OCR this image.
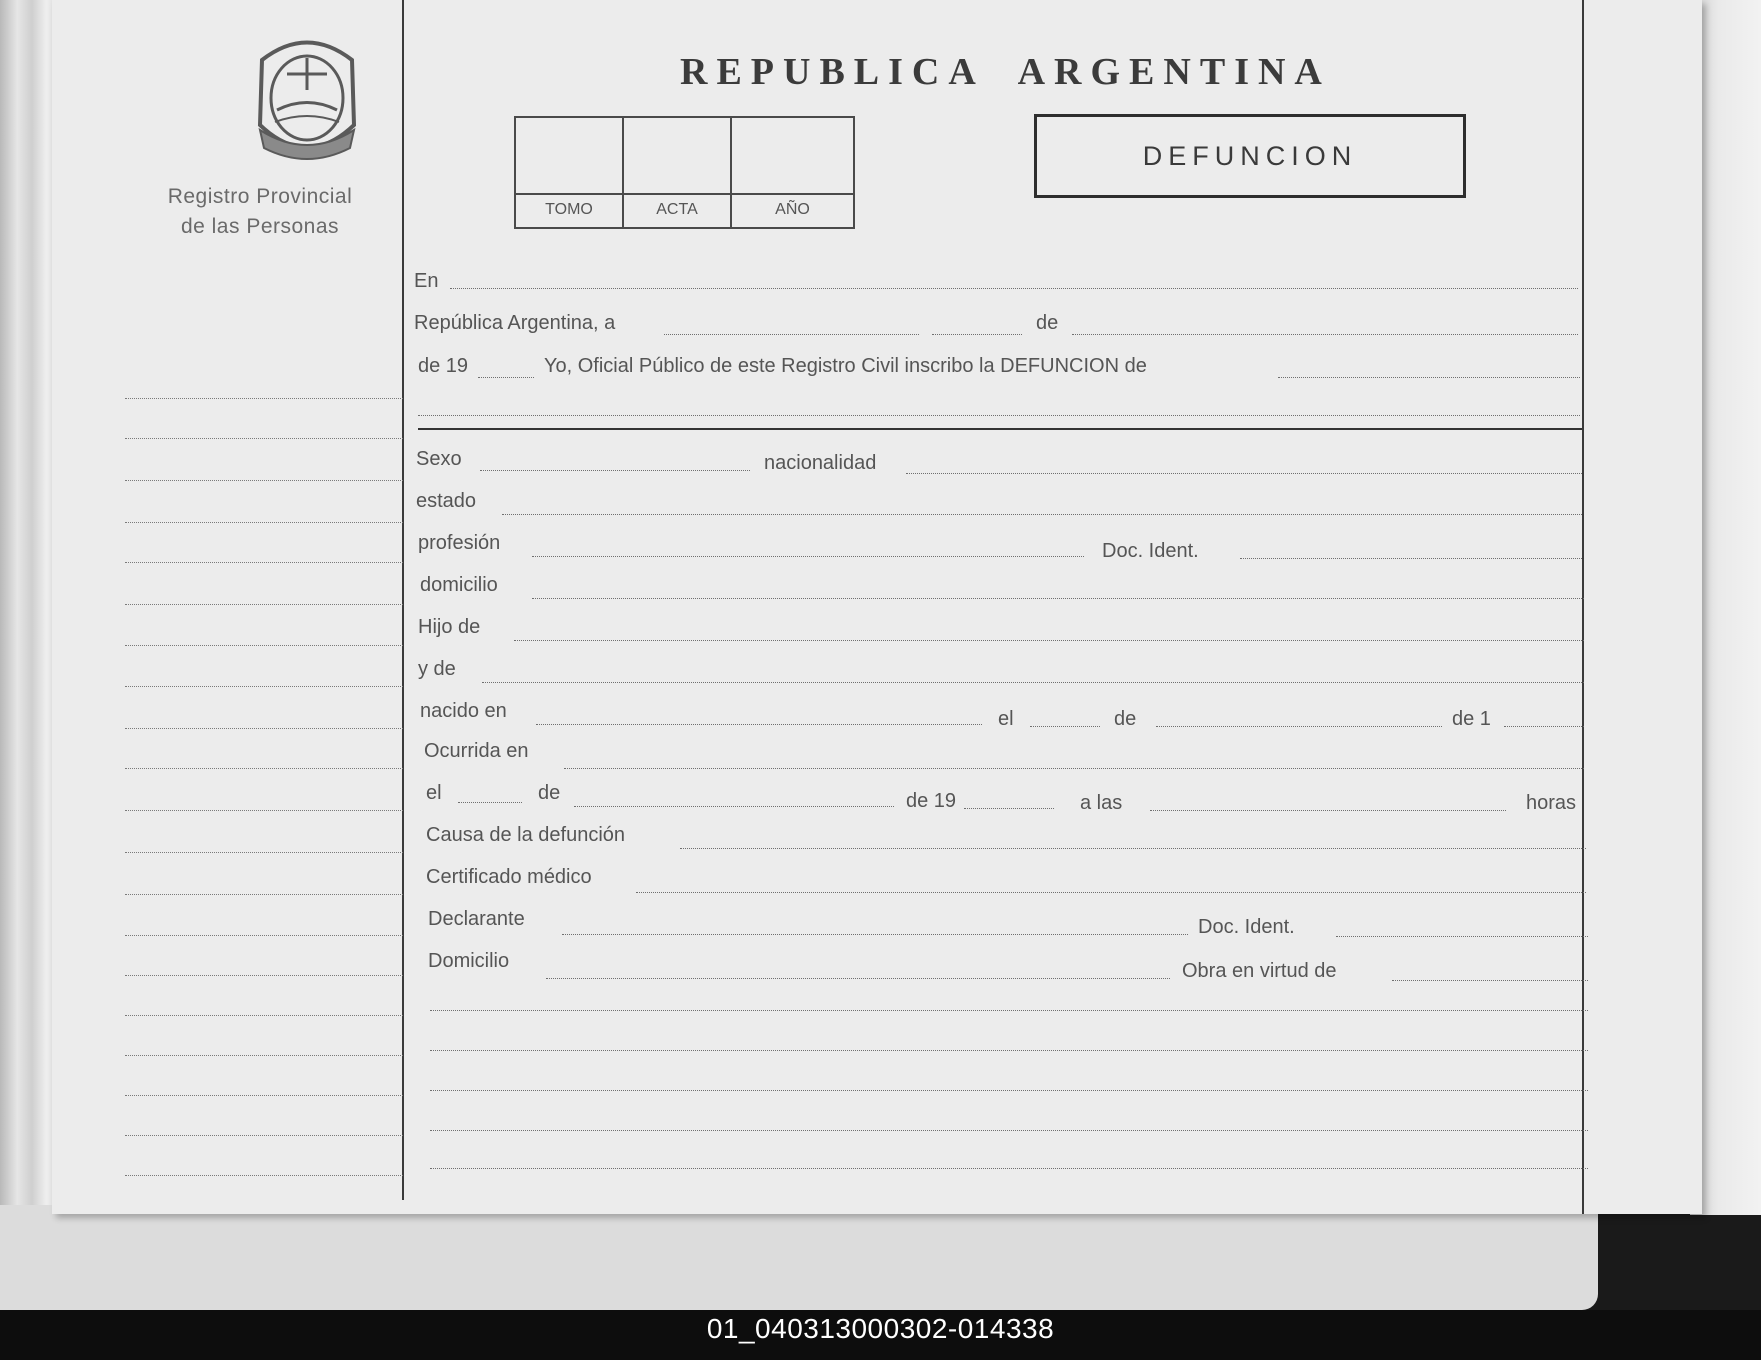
Registro Provincial
de las Personas
REPUBLICA  ARGENTINA
TOMO	ACTA	AÑO
DEFUNCION
En
República Argentina, a	de
de 19	Yo, Oficial Público de este Registro Civil inscribo la DEFUNCION de
Sexo	nacionalidad
estado
profesión	Doc. Ident.
domicilio
Hijo de
y de
nacido en	el	de	de 1
Ocurrida en
el	de	de 19	a las	horas
Causa de la defunción
Certificado médico
Declarante	Doc. Ident.
Domicilio	Obra en virtud de
01_040313000302-014338
